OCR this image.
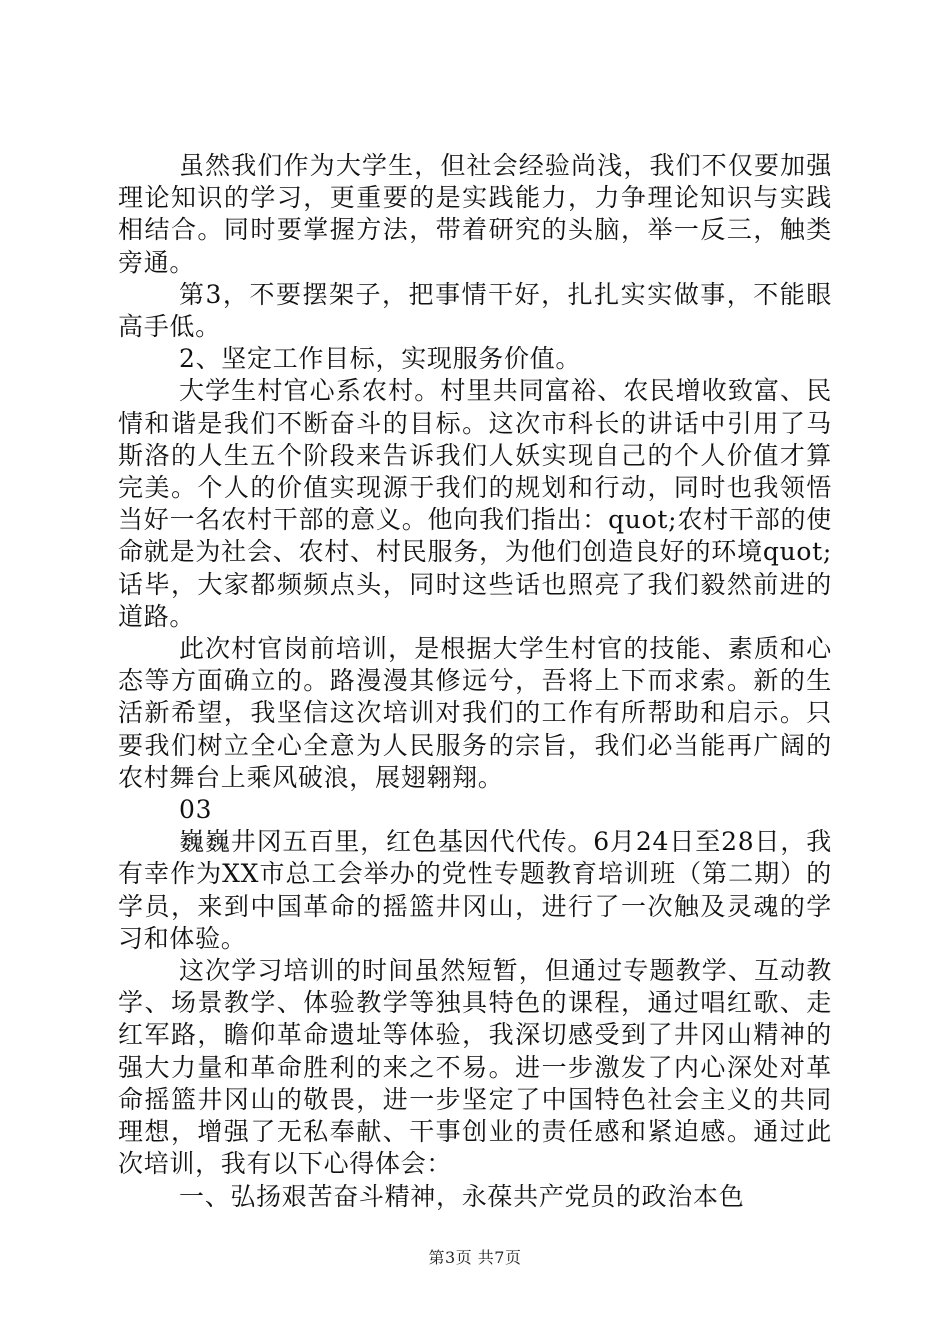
虽然我们作为大学生，但社会经验尚浅，我们不仅要加强理论知识的学习，更重要的是实践能力，力争理论知识与实践相结合。同时要掌握方法，带着研究的头脑，举一反三，触类旁通。

第3，不要摆架子，把事情干好，扎扎实实做事，不能眼高手低。

2、坚定工作目标，实现服务价值。

大学生村官心系农村。村里共同富裕、农民增收致富、民情和谐是我们不断奋斗的目标。这次市科长的讲话中引用了马斯洛的人生五个阶段来告诉我们人妖实现自己的个人价值才算完美。个人的价值实现源于我们的规划和行动，同时也我领悟当好一名农村干部的意义。他向我们指出：quot;农村干部的使命就是为社会、农村、村民服务，为他们创造良好的环境quot;话毕，大家都频频点头，同时这些话也照亮了我们毅然前进的道路。

此次村官岗前培训，是根据大学生村官的技能、素质和心态等方面确立的。路漫漫其修远兮，吾将上下而求索。新的生活新希望，我坚信这次培训对我们的工作有所帮助和启示。只要我们树立全心全意为人民服务的宗旨，我们必当能再广阔的农村舞台上乘风破浪，展翅翱翔。

03

巍巍井冈五百里，红色基因代代传。6月24日至28日，我有幸作为XX市总工会举办的党性专题教育培训班（第二期）的学员，来到中国革命的摇篮井冈山，进行了一次触及灵魂的学习和体验。

这次学习培训的时间虽然短暂，但通过专题教学、互动教学、场景教学、体验教学等独具特色的课程，通过唱红歌、走红军路，瞻仰革命遗址等体验，我深切感受到了井冈山精神的强大力量和革命胜利的来之不易。进一步激发了内心深处对革命摇篮井冈山的敬畏，进一步坚定了中国特色社会主义的共同理想，增强了无私奉献、干事创业的责任感和紧迫感。通过此次培训，我有以下心得体会：

一、弘扬艰苦奋斗精神，永葆共产党员的政治本色

第3页 共7页
